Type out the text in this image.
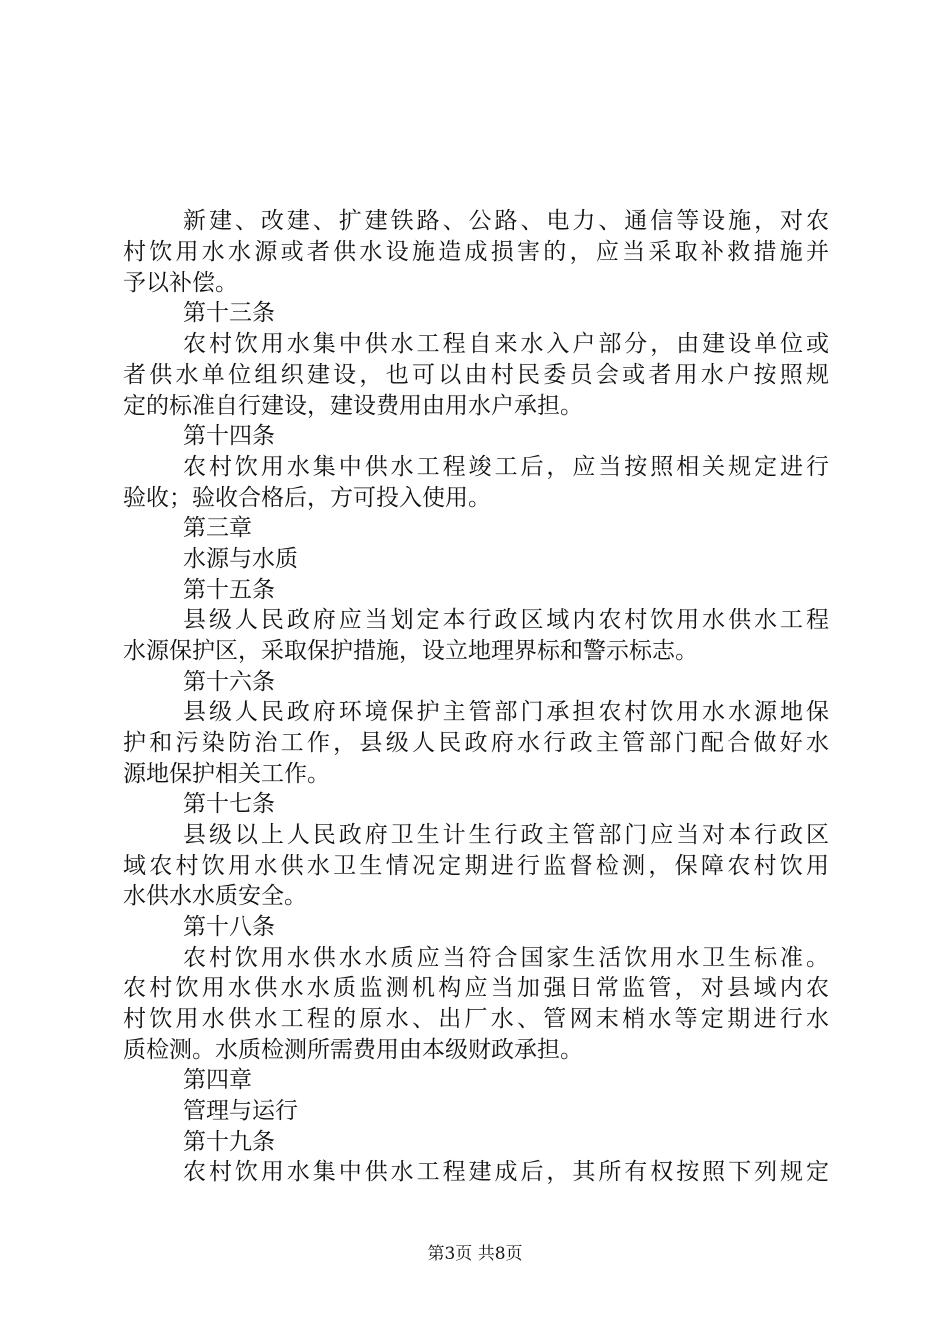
新建、改建、扩建铁路、公路、电力、通信等设施，对农
村饮用水水源或者供水设施造成损害的，应当采取补救措施并
予以补偿。
第十三条
农村饮用水集中供水工程自来水入户部分，由建设单位或
者供水单位组织建设，也可以由村民委员会或者用水户按照规
定的标准自行建设，建设费用由用水户承担。
第十四条
农村饮用水集中供水工程竣工后，应当按照相关规定进行
验收；验收合格后，方可投入使用。
第三章
水源与水质
第十五条
县级人民政府应当划定本行政区域内农村饮用水供水工程
水源保护区，采取保护措施，设立地理界标和警示标志。
第十六条
县级人民政府环境保护主管部门承担农村饮用水水源地保
护和污染防治工作，县级人民政府水行政主管部门配合做好水
源地保护相关工作。
第十七条
县级以上人民政府卫生计生行政主管部门应当对本行政区
域农村饮用水供水卫生情况定期进行监督检测，保障农村饮用
水供水水质安全。
第十八条
农村饮用水供水水质应当符合国家生活饮用水卫生标准。
农村饮用水供水水质监测机构应当加强日常监管，对县域内农
村饮用水供水工程的原水、出厂水、管网末梢水等定期进行水
质检测。水质检测所需费用由本级财政承担。
第四章
管理与运行
第十九条
农村饮用水集中供水工程建成后，其所有权按照下列规定
第3页 共8页
